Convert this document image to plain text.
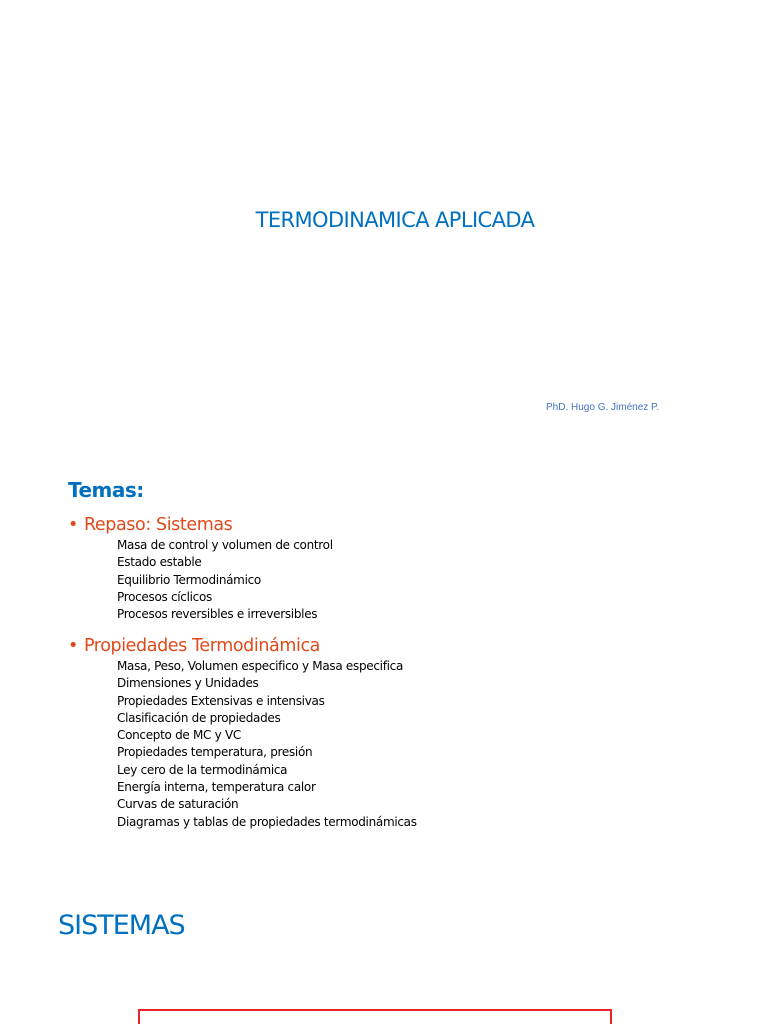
TERMODINAMICA APLICADA
PhD. Hugo G. Jiménez P.
Temas:
• Repaso: Sistemas
Masa de control y volumen de control
Estado estable
Equilibrio Termodinámico
Procesos cíclicos
Procesos reversibles e irreversibles
• Propiedades Termodinámica
Masa, Peso, Volumen especifico y Masa especifica
Dimensiones y Unidades
Propiedades Extensivas e intensivas
Clasificación de propiedades
Concepto de MC y VC
Propiedades temperatura, presión
Ley cero de la termodinámica
Energía interna, temperatura calor
Curvas de saturación
Diagramas y tablas de propiedades termodinámicas
SISTEMAS
